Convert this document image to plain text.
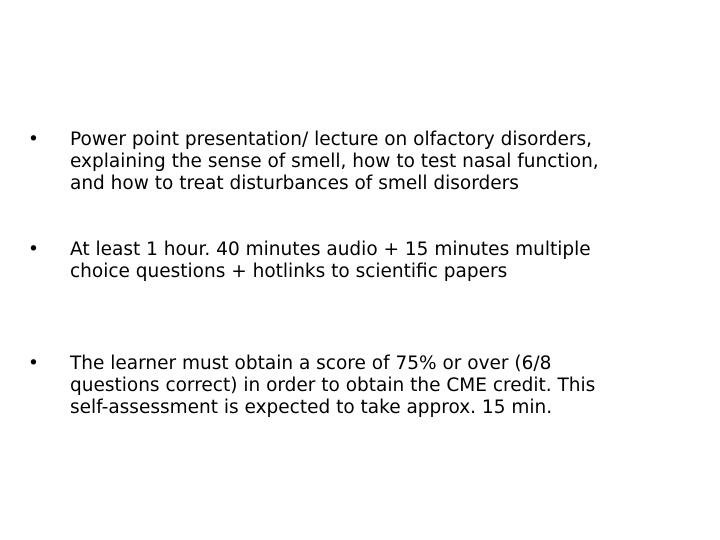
•	Power point presentation/ lecture on olfactory disorders,
explaining the sense of smell, how to test nasal function,
and how to treat disturbances of smell disorders
•	At least 1 hour. 40 minutes audio + 15 minutes multiple
choice questions + hotlinks to scientific papers
•	The learner must obtain a score of 75% or over (6/8
questions correct) in order to obtain the CME credit. This
self-assessment is expected to take approx. 15 min.
